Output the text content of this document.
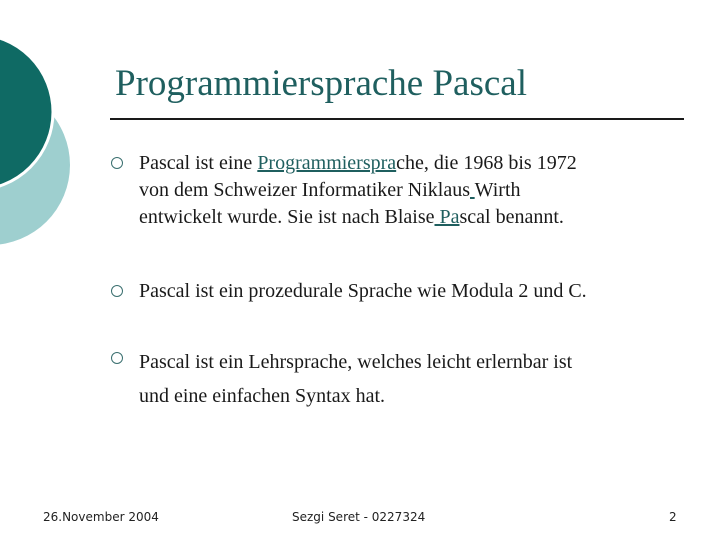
Programmiersprache Pascal
Pascal ist eine Programmiersprache, die 1968 bis 1972
von dem Schweizer Informatiker Niklaus Wirth
entwickelt wurde. Sie ist nach Blaise Pascal benannt.
Pascal ist ein prozedurale Sprache wie Modula 2 und C.
Pascal ist ein Lehrsprache, welches leicht erlernbar ist
und eine einfachen Syntax hat.
26.November 2004	Sezgi Seret - 0227324	2
